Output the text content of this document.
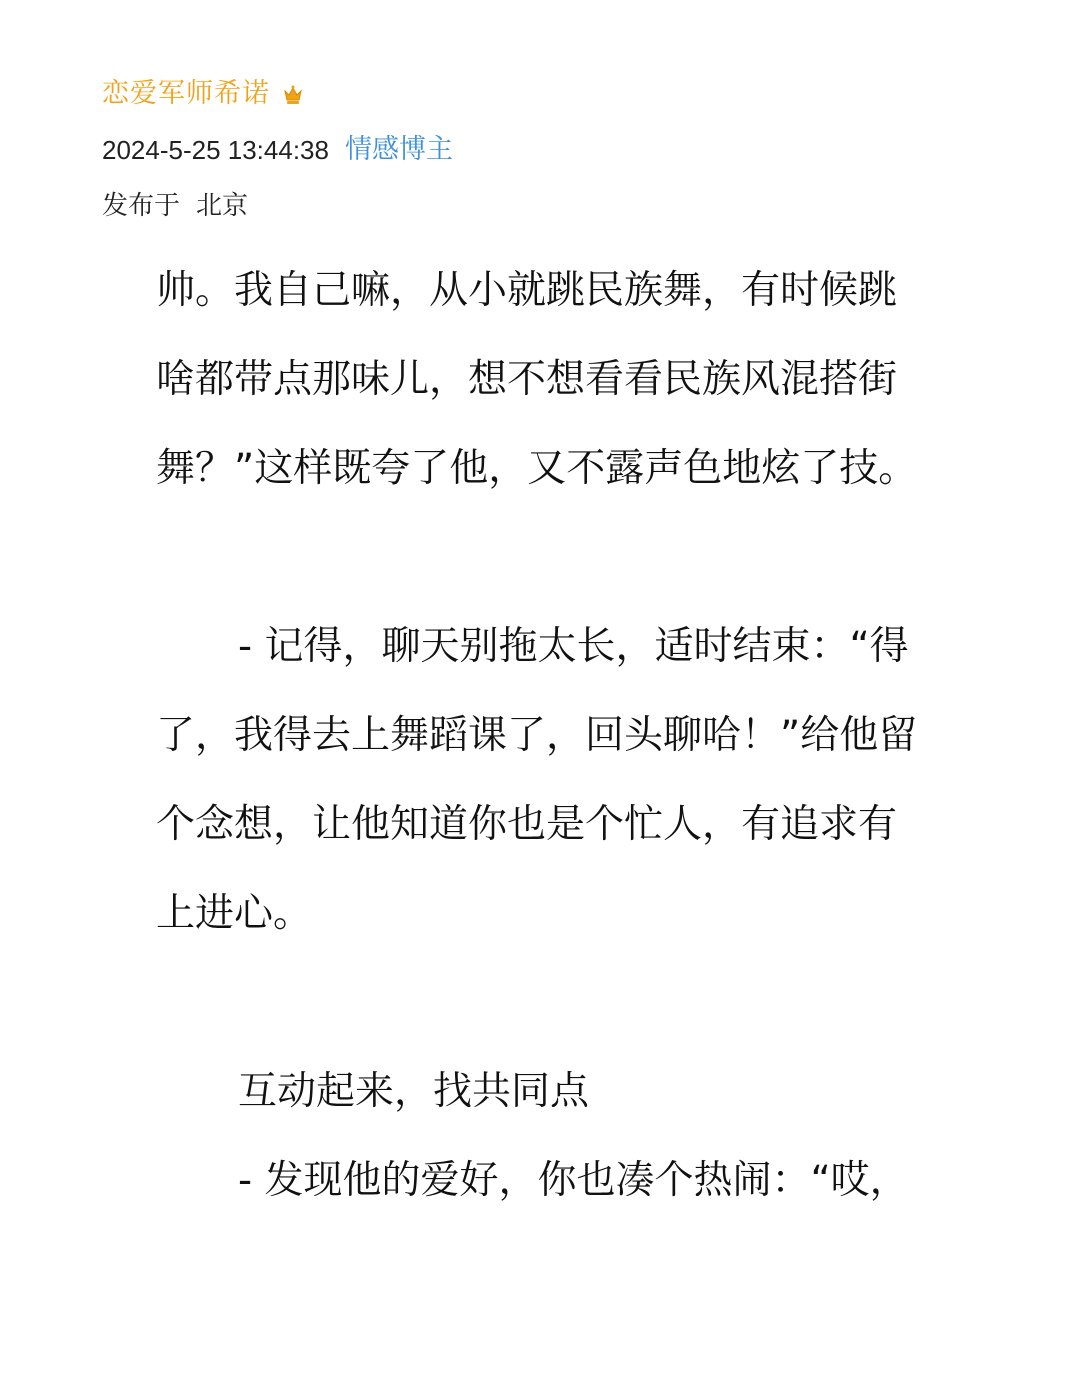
恋爱军师希诺
2024-5-25 13:44:38 情感博主
发布于 北京
帅。我自己嘛，从小就跳民族舞，有时候跳
啥都带点那味儿，想不想看看民族风混搭街
舞？”这样既夸了他，又不露声色地炫了技。
- 记得，聊天别拖太长，适时结束：“得
了，我得去上舞蹈课了，回头聊哈！”给他留
个念想，让他知道你也是个忙人，有追求有
上进心。
互动起来，找共同点
- 发现他的爱好，你也凑个热闹：“哎，
